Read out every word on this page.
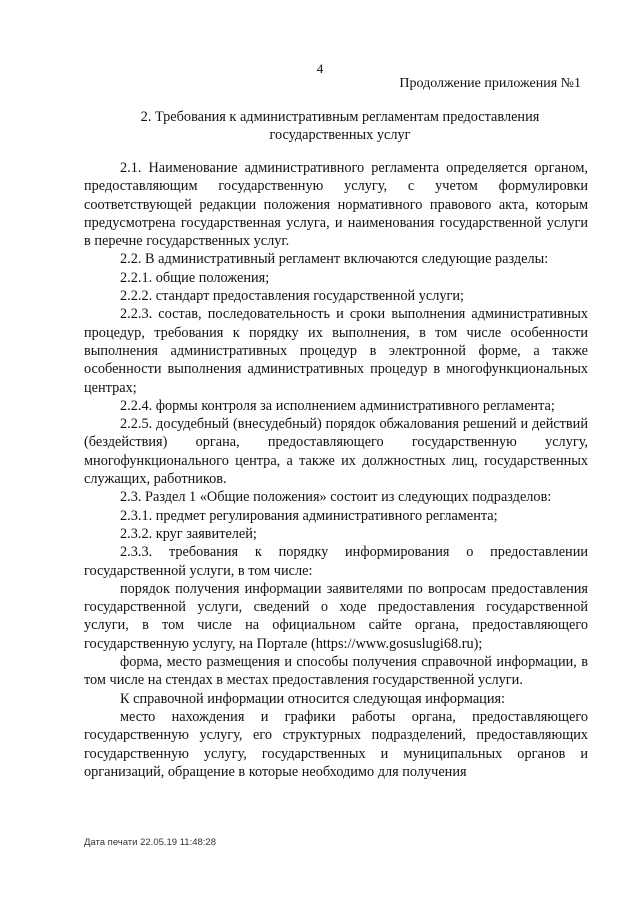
4
Продолжение приложения №1
2. Требования к административным регламентам предоставления
государственных услуг

2.1. Наименование административного регламента определяется органом, предоставляющим государственную услугу, с учетом формулировки соответствующей редакции положения нормативного правового акта, которым предусмотрена государственная услуга, и наименования государственной услуги в перечне государственных услуг.

2.2. В административный регламент включаются следующие разделы:

2.2.1. общие положения;

2.2.2. стандарт предоставления государственной услуги;

2.2.3. состав, последовательность и сроки выполнения административных процедур, требования к порядку их выполнения, в том числе особенности выполнения административных процедур в электронной форме, а также особенности выполнения административных процедур в многофункциональных центрах;

2.2.4. формы контроля за исполнением административного регламента;

2.2.5. досудебный (внесудебный) порядок обжалования решений и действий (бездействия) органа, предоставляющего государственную услугу, многофункционального центра, а также их должностных лиц, государственных служащих, работников.

2.3. Раздел 1 «Общие положения» состоит из следующих подразделов:

2.3.1. предмет регулирования административного регламента;

2.3.2. круг заявителей;

2.3.3. требования к порядку информирования о предоставлении государственной услуги, в том числе:

порядок получения информации заявителями по вопросам предоставления государственной услуги, сведений о ходе предоставления государственной услуги, в том числе на официальном сайте органа, предоставляющего государственную услугу, на Портале (https://www.gosuslugi68.ru);

форма, место размещения и способы получения справочной информации, в том числе на стендах в местах предоставления государственной услуги.

К справочной информации относится следующая информация:

место нахождения и графики работы органа, предоставляющего государственную услугу, его структурных подразделений, предоставляющих государственную услугу, государственных и муниципальных органов и организаций, обращение в которые необходимо для получения

Дата печати 22.05.19 11:48:28
